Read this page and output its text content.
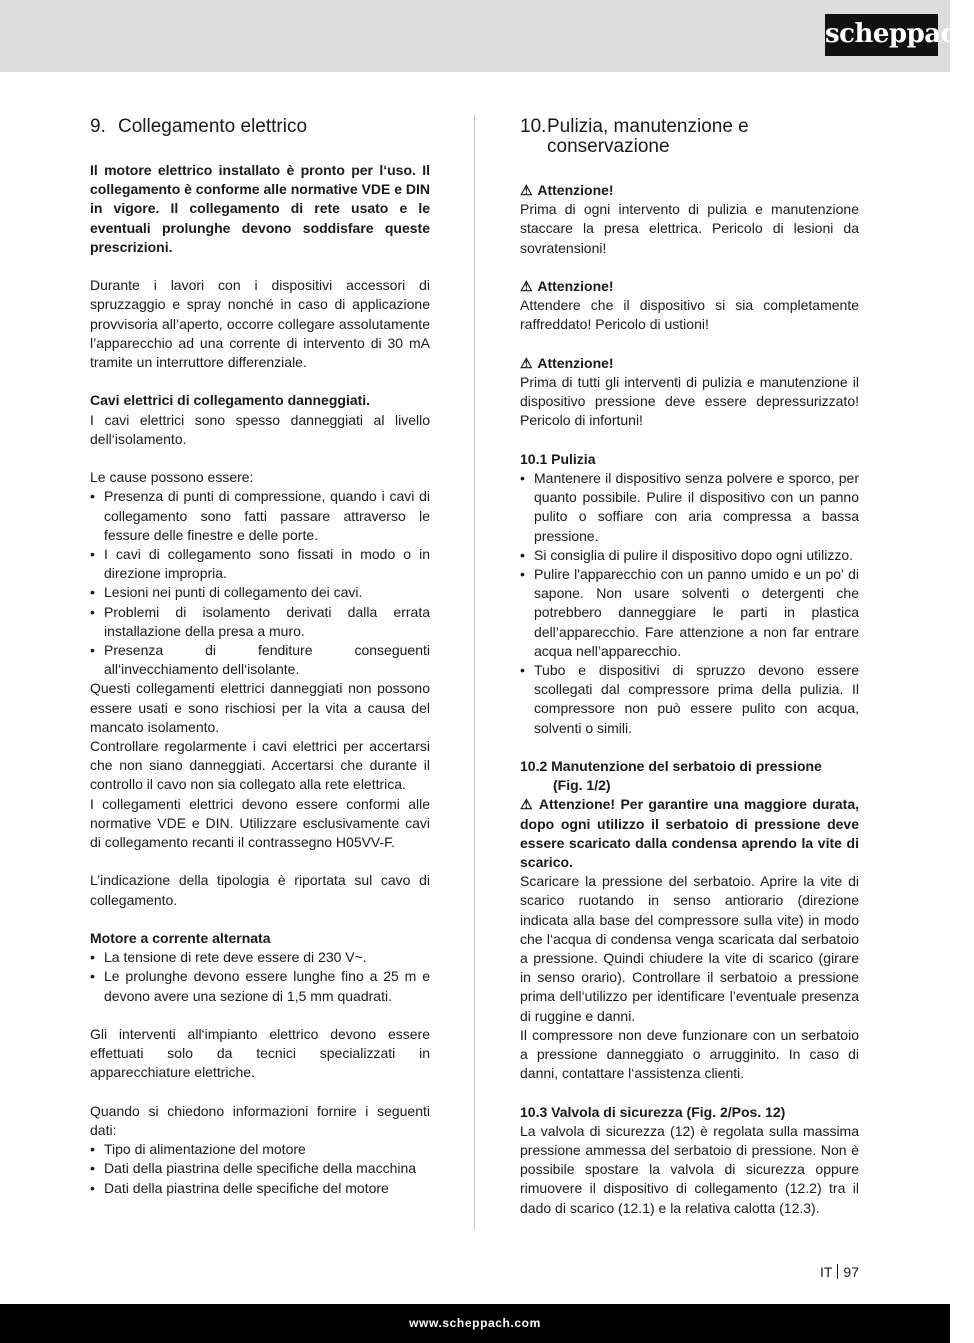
scheppach
9. Collegamento elettrico

Il motore elettrico installato è pronto per l‘uso. Il collegamento è conforme alle normative VDE e DIN in vigore. Il collegamento di rete usato e le eventuali prolunghe devono soddisfare queste prescrizioni.

Durante i lavori con i dispositivi accessori di spruzzaggio e spray nonché in caso di applicazione provvisoria all’aperto, occorre collegare assolutamente l’apparecchio ad una corrente di intervento di 30 mA tramite un interruttore differenziale.

Cavi elettrici di collegamento danneggiati.

I cavi elettrici sono spesso danneggiati al livello dell‘isolamento.

Le cause possono essere:

• Presenza di punti di compressione, quando i cavi di collegamento sono fatti passare attraverso le fessure delle finestre e delle porte.
• I cavi di collegamento sono fissati in modo o in direzione impropria.
• Lesioni nei punti di collegamento dei cavi.
• Problemi di isolamento derivati dalla errata installazione della presa a muro.
• Presenza di fenditure conseguenti all‘invecchiamento dell‘isolante.

Questi collegamenti elettrici danneggiati non possono essere usati e sono rischiosi per la vita a causa del mancato isolamento.

Controllare regolarmente i cavi elettrici per accertarsi che non siano danneggiati. Accertarsi che durante il controllo il cavo non sia collegato alla rete elettrica.

I collegamenti elettrici devono essere conformi alle normative VDE e DIN. Utilizzare esclusivamente cavi di collegamento recanti il contrassegno H05VV-F.

L’indicazione della tipologia è riportata sul cavo di collegamento.

Motore a corrente alternata

• La tensione di rete deve essere di 230 V~.
• Le prolunghe devono essere lunghe fino a 25 m e devono avere una sezione di 1,5 mm quadrati.

Gli interventi all‘impianto elettrico devono essere effettuati solo da tecnici specializzati in apparecchiature elettriche.

Quando si chiedono informazioni fornire i seguenti dati:

• Tipo di alimentazione del motore
• Dati della piastrina delle specifiche della macchina
• Dati della piastrina delle specifiche del motore
10. Pulizia, manutenzione e conservazione

⚠ Attenzione!

Prima di ogni intervento di pulizia e manutenzione staccare la presa elettrica. Pericolo di lesioni da sovratensioni!

⚠ Attenzione!

Attendere che il dispositivo si sia completamente raffreddato! Pericolo di ustioni!

⚠ Attenzione!

Prima di tutti gli interventi di pulizia e manutenzione il dispositivo pressione deve essere depressurizzato! Pericolo di infortuni!

10.1 Pulizia

• Mantenere il dispositivo senza polvere e sporco, per quanto possibile. Pulire il dispositivo con un panno pulito o soffiare con aria compressa a bassa pressione.
• Si consiglia di pulire il dispositivo dopo ogni utilizzo.
• Pulire l'apparecchio con un panno umido e un po' di sapone. Non usare solventi o detergenti che potrebbero danneggiare le parti in plastica dell’apparecchio. Fare attenzione a non far entrare acqua nell’apparecchio.
• Tubo e dispositivi di spruzzo devono essere scollegati dal compressore prima della pulizia. Il compressore non può essere pulito con acqua, solventi o simili.

10.2 Manutenzione del serbatoio di pressione

(Fig. 1/2)

⚠ Attenzione! Per garantire una maggiore durata, dopo ogni utilizzo il serbatoio di pressione deve essere scaricato dalla condensa aprendo la vite di scarico.

Scaricare la pressione del serbatoio. Aprire la vite di scarico ruotando in senso antiorario (direzione indicata alla base del compressore sulla vite) in modo che l‘acqua di condensa venga scaricata dal serbatoio a pressione. Quindi chiudere la vite di scarico (girare in senso orario). Controllare il serbatoio a pressione prima dell‘utilizzo per identificare l’eventuale presenza di ruggine e danni.

Il compressore non deve funzionare con un serbatoio a pressione danneggiato o arrugginito. In caso di danni, contattare l‘assistenza clienti.

10.3 Valvola di sicurezza (Fig. 2/Pos. 12)

La valvola di sicurezza (12) è regolata sulla massima pressione ammessa del serbatoio di pressione. Non è possibile spostare la valvola di sicurezza oppure rimuovere il dispositivo di collegamento (12.2) tra il dado di scarico (12.1) e la relativa calotta (12.3).

IT 97
www.scheppach.com
